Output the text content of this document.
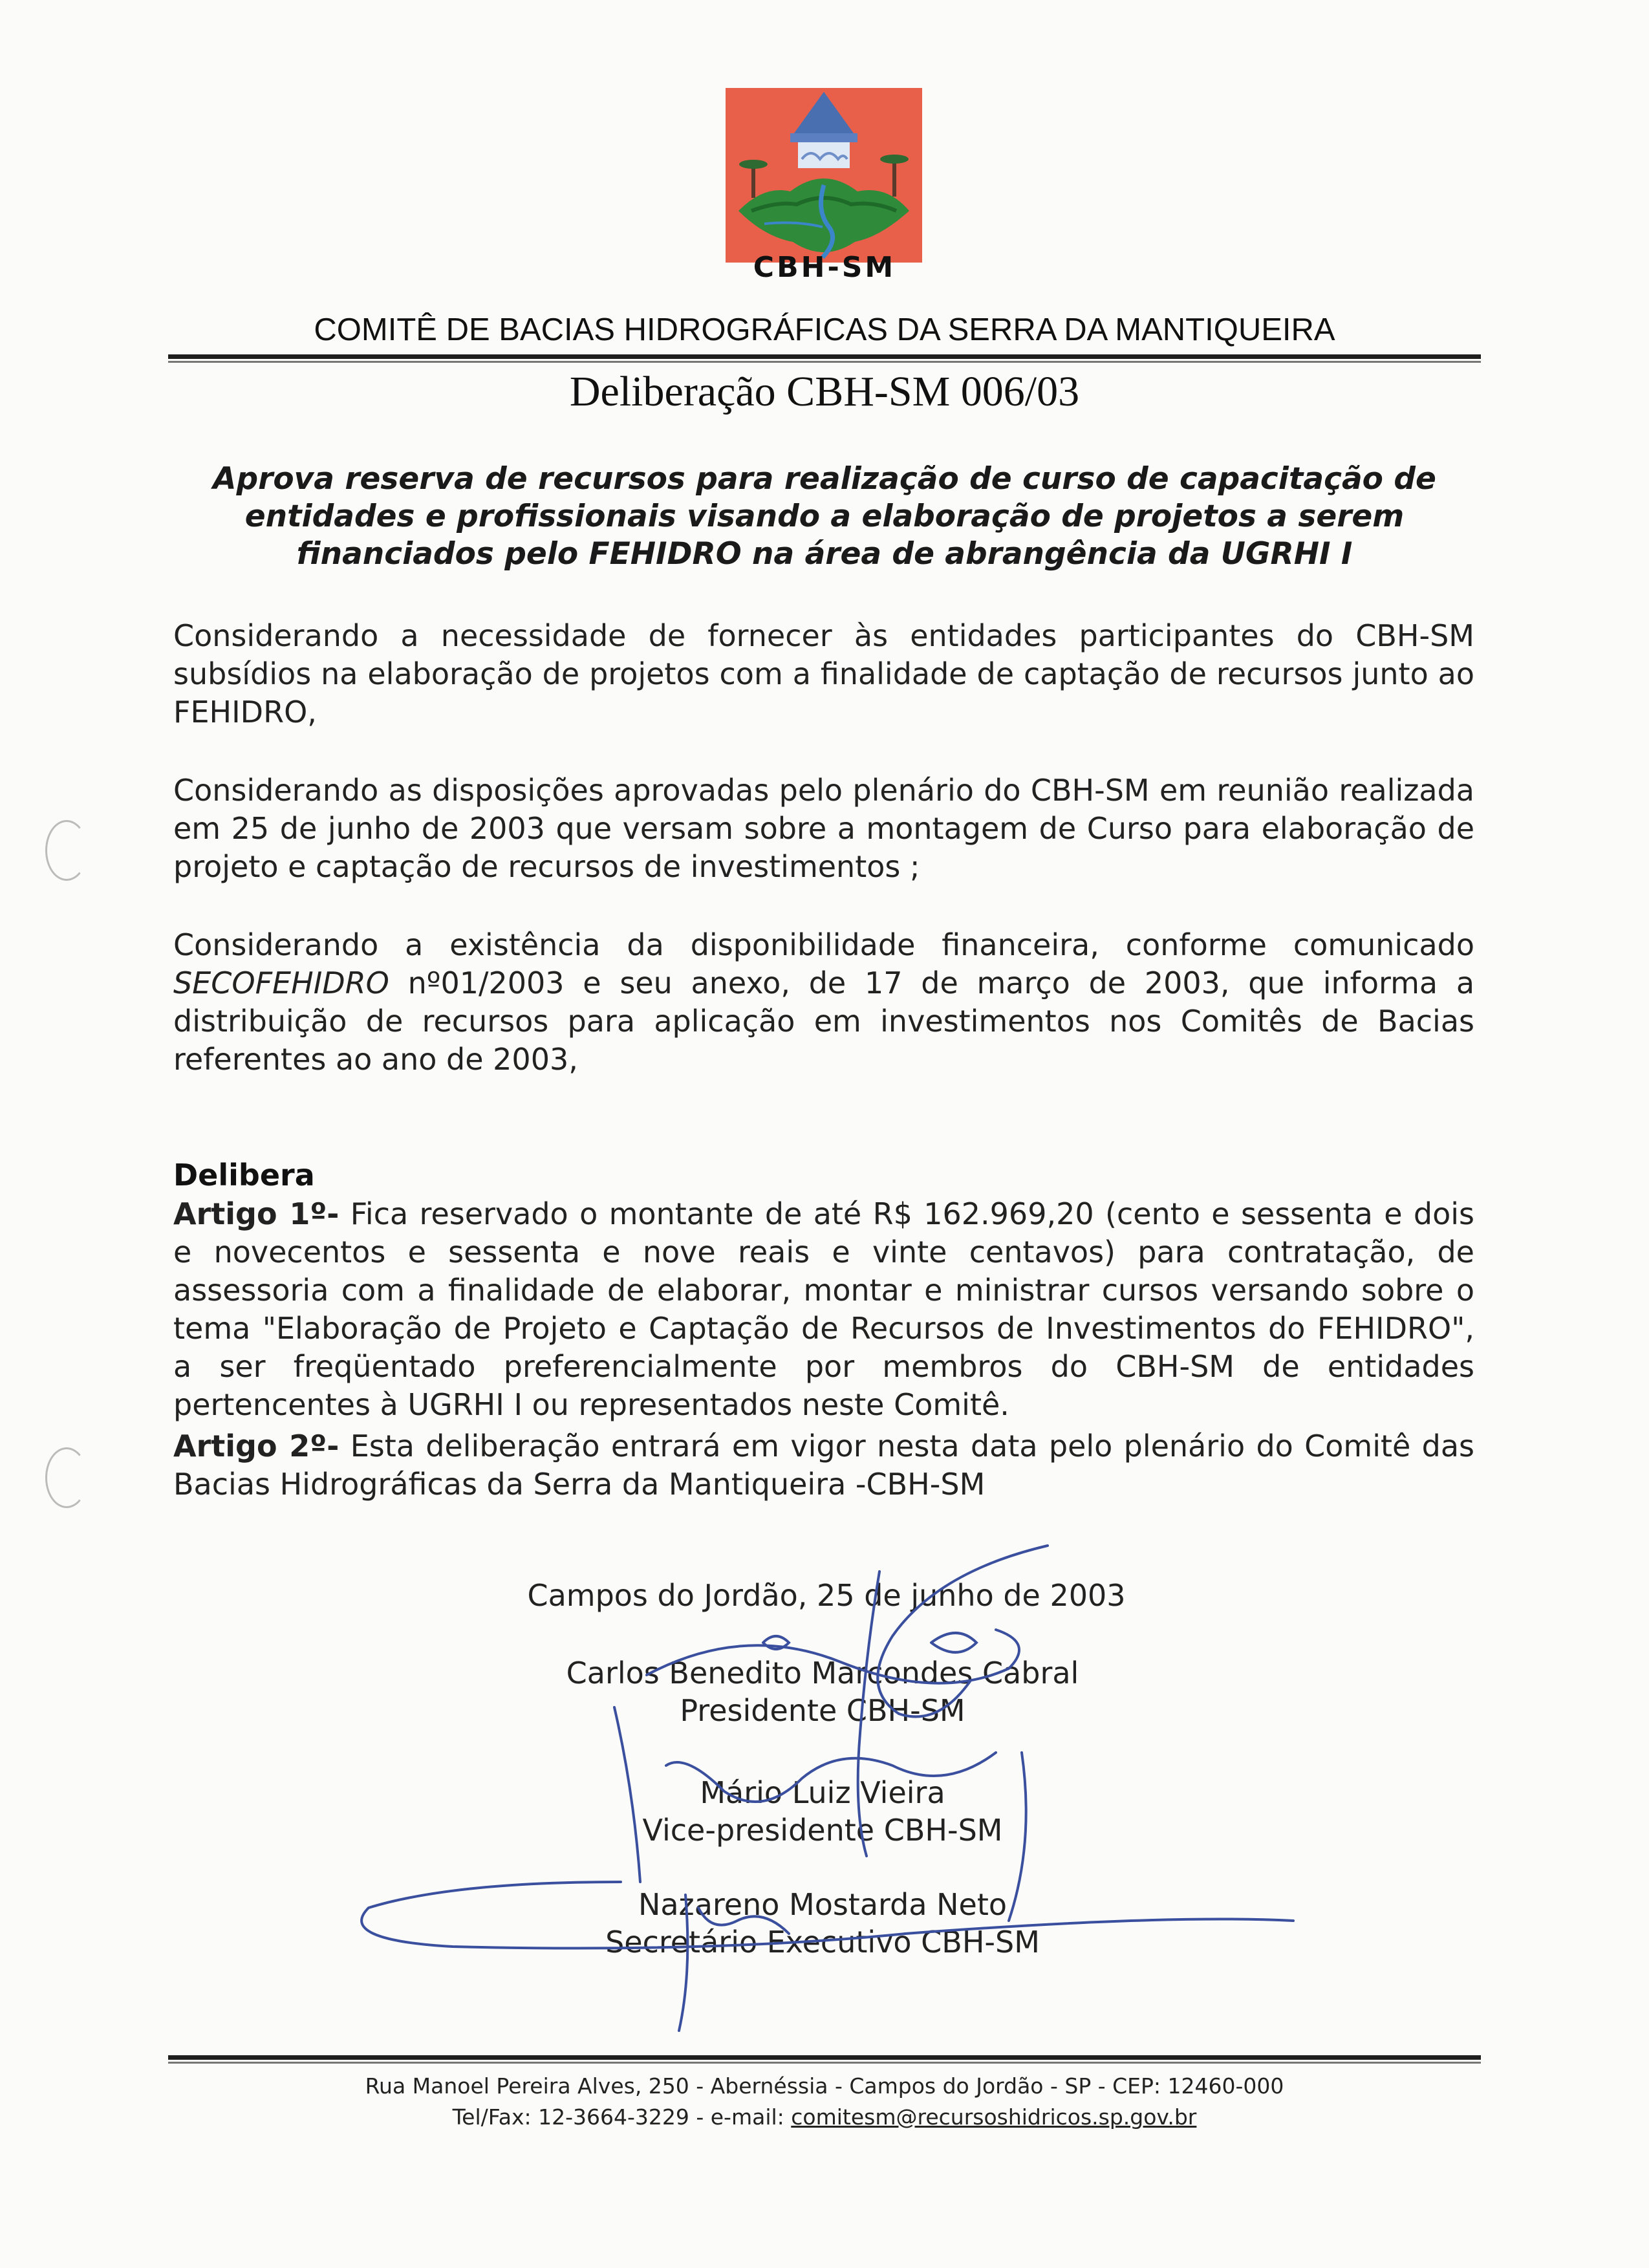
CBH-SM
COMITÊ DE BACIAS HIDROGRÁFICAS DA SERRA DA MANTIQUEIRA
Deliberação CBH-SM 006/03
Aprova reserva de recursos para realização de curso de capacitação de entidades e profissionais visando a elaboração de projetos a serem financiados pelo FEHIDRO na área de abrangência da UGRHI I

Considerando a necessidade de fornecer às entidades participantes do CBH-SM subsídios na elaboração de projetos com a finalidade de captação de recursos junto ao FEHIDRO,

Considerando as disposições aprovadas pelo plenário do CBH-SM em reunião realizada em 25 de junho de 2003 que versam sobre a montagem de Curso para elaboração de projeto e captação de recursos de investimentos ;

Considerando a existência da disponibilidade financeira, conforme comunicado SECOFEHIDRO nº01/2003 e seu anexo, de 17 de março de 2003, que informa a distribuição de recursos para aplicação em investimentos nos Comitês de Bacias referentes ao ano de 2003,

Delibera

Artigo 1º- Fica reservado o montante de até R$ 162.969,20 (cento e sessenta e dois e novecentos e sessenta e nove reais e vinte centavos) para contratação, de assessoria com a finalidade de elaborar, montar e ministrar cursos versando sobre o tema "Elaboração de Projeto e Captação de Recursos de Investimentos do FEHIDRO", a ser freqüentado preferencialmente por membros do CBH-SM de entidades pertencentes à UGRHI I ou representados neste Comitê.

Artigo 2º- Esta deliberação entrará em vigor nesta data pelo plenário do Comitê das Bacias Hidrográficas da Serra da Mantiqueira -CBH-SM

Campos do Jordão, 25 de junho de 2003
Carlos Benedito Marcondes Cabral
Presidente CBH-SM
Mário Luiz Vieira
Vice-presidente CBH-SM
Nazareno Mostarda Neto
Secretário Executivo CBH-SM
Rua Manoel Pereira Alves, 250 - Abernéssia - Campos do Jordão - SP - CEP: 12460-000
Tel/Fax: 12-3664-3229 - e-mail: comitesm@recursoshidricos.sp.gov.br
